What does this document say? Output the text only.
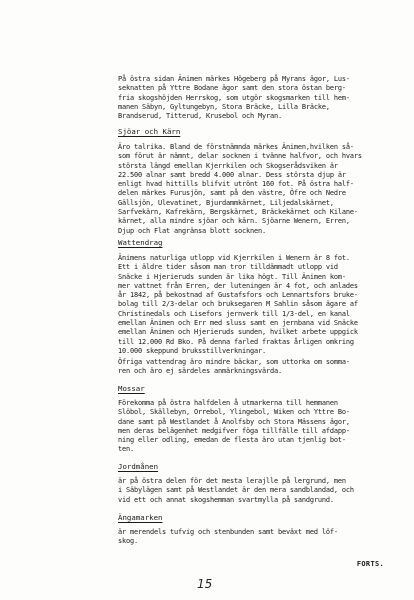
På östra sidan Änimen märkes Högeberg på Myrans ägor, Lus-
seknatten på Yttre Bodane ägor samt den stora östan berg-
fria skogshöjden Herrskog, som utgör skogsmarken till hem-
manen Säbyn, Gyltungebyn, Stora Bräcke, Lilla Bräcke,
Brandserud, Titterud, Krusebol och Myran.
Sjöar och Kärn
Äro talrika. Bland de förstnämnda märkes Änimen,hvilken så-
som förut är nämnt, delar socknen i tvänne halfvor, och hvars
största längd emellan Kjerrkilen och Skogserådsviken är
22.500 alnar samt bredd 4.000 alnar. Dess största djup är
enligt hvad hittills blifvit utrönt 160 fot. På östra half-
delen märkes Furusjön, samt på den västre, Öfre och Nedre
Gällsjön, Ulevatinet, Bjurdammkärnet, Liljedalskärnet,
Sarfvekärn, Kafrekärn, Bergskärnet, Bräckekärnet och Kilane-
kärnet, alla mindre sjöar och kärn. Sjöarne Wenern, Erren,
Djup och Flat angränsa blott socknen.
Wattendrag
Änimens naturliga utlopp vid Kjerrkilen i Wenern är 8 fot.
Ett i äldre tider såsom man tror tilldämmadt utlopp vid
Snäcke i Hjerieruds sunden är lika högt. Till Änimen kom-
mer vattnet från Erren, der luteningen är 4 fot, och anlades
år 1842, på bekostnad af Gustafsfors och Lennartsfors bruke-
bolag till 2/3-delar och bruksegaren M Sahlin såsom ägare af
Christinedals och Lisefors jernverk till 1/3-del, en kanal
emellan Änimen och Err med sluss samt en jernbana vid Snäcke
emellan Änimen och Hjerieruds sunden, hvilket arbete uppgick
till 12.000 Rd Bko. På denna farled fraktas årligen omkring
10.000 skeppund bruksstillverkningar.
Öfriga vattendrag äro mindre bäckar, som uttorka om somma-
ren och äro ej särdeles anmärkningsvärda.
Mossar
Förekomma på östra halfdelen å utmarkerna till hemmanen
Slöbol, Skällebyn, Orrebol, Ylingebol, Wiken och Yttre Bo-
dane samt på Westlandet å Anolfsby och Stora Mässens ägor,
men deras belägenhet medgifver föga tillfälle till afdapp-
ning eller odling, emedan de flesta äro utan tjenlig bot-
ten.
Jordmånen
är på östra delen för det mesta lerajlle på lergrund, men
i Säbylägen samt på Westlandet är den mera sandblandad, och
vid ett och annat skogshemman svartmylla på sandgrund.
Ängamarken
är merendels tufvig och stenbunden samt beväxt med löf-
skog.
FORTS.
15
